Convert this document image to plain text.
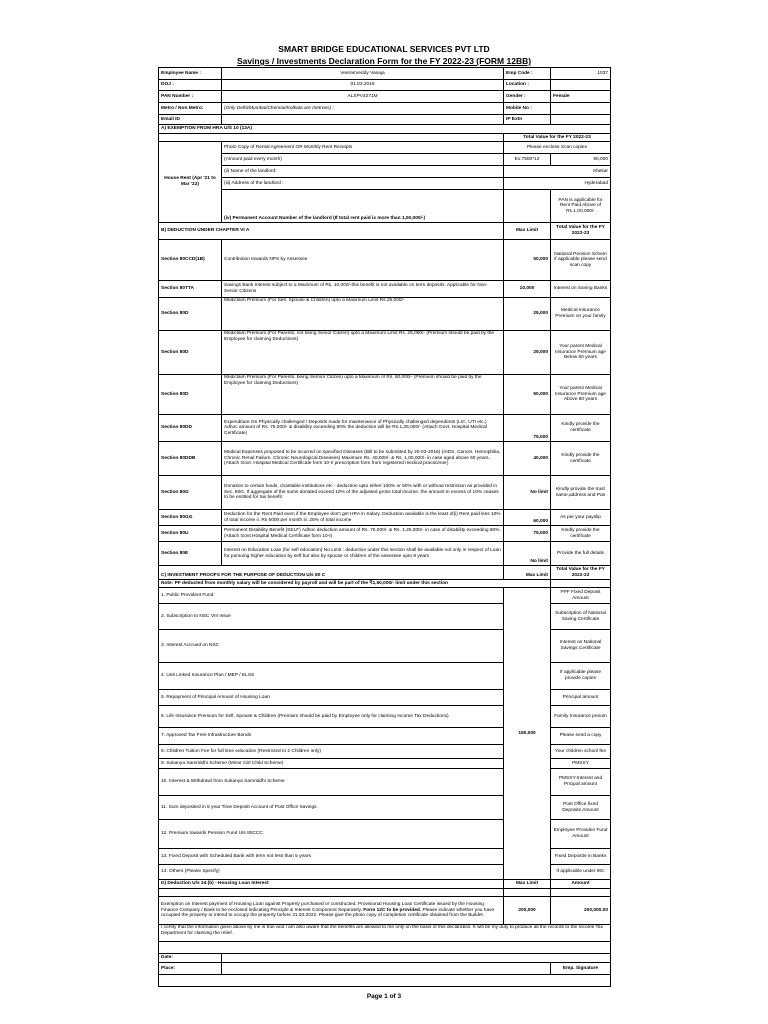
SMART BRIDGE EDUCATIONAL SERVICES PVT LTD
Savings / Investments Declaration Form for the FY 2022-23 (FORM 12BB)
Employee Name :	Veeramreddy Vanaja	Emp Code :	1037
DOJ :	01.03.2019	Location :	
PAN Number :	ALXPV4371M	Gender :	Female
Metro / Non Metro:	(Only Delhi/Mumbai/Chennai/Kolkata are metroes) :	Mobile No :	
Email ID		IP Extn	
A) EXEMPTION FROM HRA U/S 10 (13A)			
		Total Value for the FY 2022-23	
House Rent (Apr '21 to Mar '22)	Photo Copy of Rental Agreement OR Monthly Rent Receipts	Please enclose Scan copies	
	(Amount paid every month)	Ex:7500*12	90,000
	(ii) Name of the landlord:	Shekar	
	(iii) Address of the landlord :	Hyderabad	
	(iv) Permanent Account Number of the landlord (If total rent paid is more than 1,00,000/-)		PAN is applicable for Rent Paid Above of Rs.1,00,000/-
B) DEDUCTION UNDER CHAPTER VI A		Max Limit	Total Value for the FY 2022-23
Section 80CCD(1B)	Contribution towards NPS by Assessee	50,000	National Pension Schem if applicable please send scan copy
Section 80TTA	Savings Bank Interest subject to a Maximum of Rs. 10,000/-this benefit is not available on term deposits. Applicable for Non-Senior Citizens	10,000	Interest on Saving Banks
Section 80D	Mediclaim Premium (For Self, Spouse & Children) upto a Maximum Limit Rs.25,000/-	25,000	Medical Insurance Premium on your family
Section 80D	Mediclaim Premium (For Parents, not being Senior Citizen) upto a Maximum Limit Rs. 25,000/- (Premium should be paid by the Employee for claiming Deductions)	25,000	Your parent Medical Insurance Premium age Below 60 years
Section 80D	Mediclaim Premium (For Parents, being Sernior Citizen) upto a Maximum of Rs. 50,000/- (Premium should be paid by the Employee for claiming Deductions)	50,000	Your parent Medical Insurance Premium age Above 80 years
Section 80DD	Expenditure On Physically challenged / Deposits made for maintenance of Physically challenged dependents (LIC, UTI etc.) Adhoc amount of Rs. 75,000/- & disability exceeding 80% the deduction will be Rs.1,25,000/- (Attach Govt. Hospital Medical Certificate)	75,000	Kindly provide the certificate
Section 80DDB	Medical Expenses proposed to be incurred on specified Diseases (Bill to be submitted by 20-03-2016) (AIDS, Cancer, Hemophilia, Chronic Renal Failure, Chronic Neurological Diseases) Maximum Rs. 40,000/- & Rs. 1,00,000/- in case aged above 60 years. (Attach Govt. Hospital Medical Certificate form 10-I/ prescription form from registered medical practicener)	40,000	Kindly provide the certificate
Section 80G	Donation to certain funds, charitable institutions etc - deduction upto either 100% or 50% with or without restriction as provided in Sec. 80G. If aggregate of the sums donated exceed 10% of the adjusted gross total income, the amount in excess of 10% ceases to be entitled for tax benefit	No limit	Kindly provide the trust name,address and Pan
Section 80GG	Deduction for the Rent Paid even if the Employee don't get HRA in Salary. Deduction available is the least of(i) Rent paid less 10% of total income ii. Rs 5000 per month iii. 25% of total income	60,000	As per your payslip
Section 80U	Permanent Disability Benefit (SELF) Adhoc deduction amount of Rs. 75,000/- & Rs. 1,25,000/- in case of disability exceeding 80%. (Attach Govt.Hospital Medical Certificate form 10-I)	75,000	Kindly provide the certificate
Section 80E	Interest on Education Loan (for self education) No Limit : deduction under this section shall be available not only in respect of Loan for pursuing higher education by self but also by spouse or children of the assessee upto 8 years	No limit	Provide the full details
C) INVESTMENT PROOFS FOR THE PURPOSE OF DEDUCTION U/s 80 C		Max Limit	Total Value for the FY 2022-23
Note: PF deducted from monthly salary will be considered by payroll and will be part of the ₹1,50,000/- limit under this section			
1. Public Provident Fund		150,000	PPF Fixed Deposit Amount
2. Subscription to NSC VIII Issue			Subscription of National Saving Certificate
3. Interest Accrued on NSC			Interest on National Savings Certificate
4. Unit Linked Insurance Plan / MEP / ELSS			If applicable please provide copies
5. Repayment of Principal Amount of Housing Loan			Principal amount
6. Life Insurance Premium for Self, Spouse & Children (Premium should be paid by Employee only for claiming Income Tax Deductions)			Family Insurance preium
7. Approved Tax Free Infrastructure Bonds			Please send a copy
8. Children Tuition Fee for full time education (Restricted to 2 Children only)			Your children school fee
9. Sukanya Samriddhi Scheme (Minor Girl Child Scheme)			PMSSY
10. Interest & Withdrawl from Sukanya Samriddhi Scheme			PMSSY-Interest and Pricipal amount
11. Sum deposited in 5 year Time Deposit Account of Post Office Savings			Post Office fixed Deposite Amount
12. Premium towards Pension Fund U/s 80CCC			Employee Providen Fund Amount
13. Fixed Deposit with Scheduled Bank with term not less than 5 years			Fixed Deposite in Banks
14. Others (Please Specify)			If applicable under 80c
D) Deduction U/s 24 (b) - Housing Loan Interest		Max Limit	Amount

Exemption on Interest payment of Housing Loan against Property purchased or constructed. Provisional Housing Loan Certificate issued by the Housing Finance Company / Bank to be enclosed indicating Principle & Interest Component Separately. Form 12C to be provided. Please indicate whether you have occupied the property or intend to occupy the property before 31.03.2022. Please give the photo copy of completion certificate obtained from the Builder.		200,000	200,000.00
I certify that the information given above by me is true and I am also aware that the benefits are allowed to me only on the basis of this declaration. It will be my duty to produce all the records to the Income Tax Department for claiming the relief.			

Date:			
Place:			Emp. Signature

Page 1 of 3
